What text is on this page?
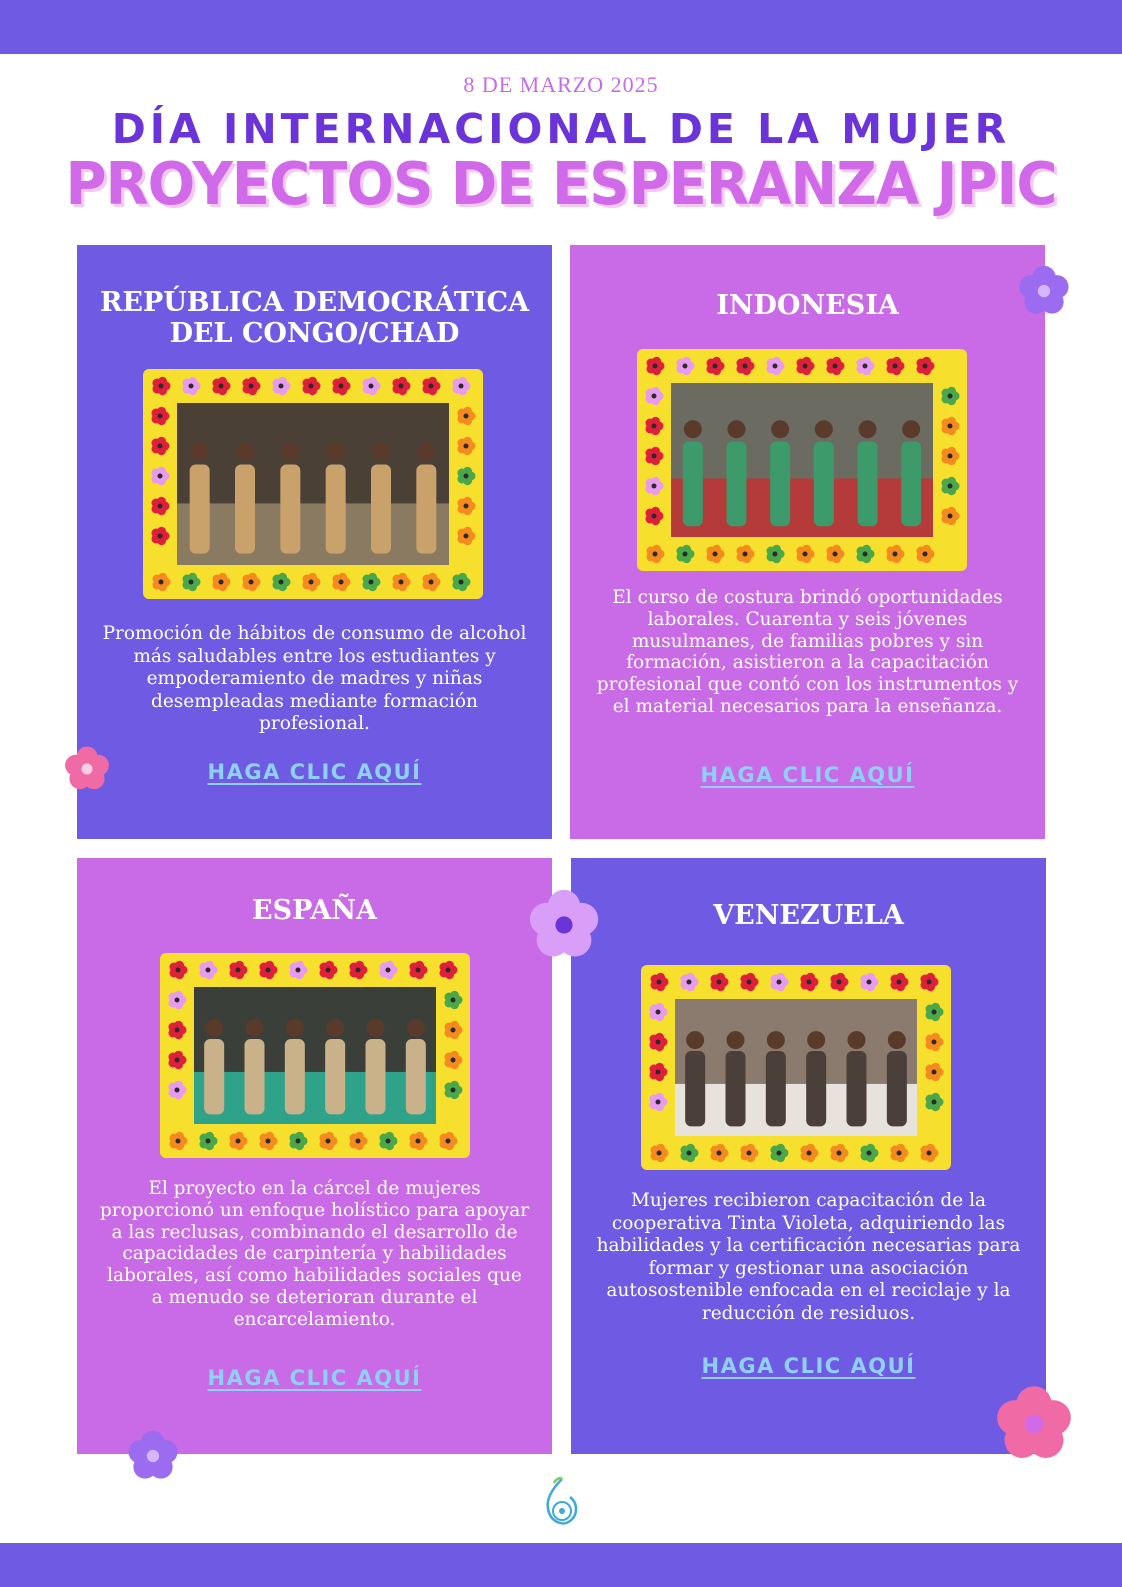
8 DE MARZO 2025
DÍA INTERNACIONAL DE LA MUJER
PROYECTOS DE ESPERANZA JPIC
REPÚBLICA DEMOCRÁTICA
DEL CONGO/CHAD
Promoción de hábitos de consumo de alcohol más saludables entre los estudiantes y empoderamiento de madres y niñas desempleadas mediante formación profesional.
HAGA CLIC AQUÍ
INDONESIA
El curso de costura brindó oportunidades laborales. Cuarenta y seis jóvenes musulmanes, de familias pobres y sin formación, asistieron a la capacitación profesional que contó con los instrumentos y el material necesarios para la enseñanza.
HAGA CLIC AQUÍ
ESPAÑA
El proyecto en la cárcel de mujeres proporcionó un enfoque holístico para apoyar a las reclusas, combinando el desarrollo de capacidades de carpintería y habilidades laborales, así como habilidades sociales que a menudo se deterioran durante el encarcelamiento.
HAGA CLIC AQUÍ
VENEZUELA
Mujeres recibieron capacitación de la cooperativa Tinta Violeta, adquiriendo las habilidades y la certificación necesarias para formar y gestionar una asociación autosostenible enfocada en el reciclaje y la reducción de residuos.
HAGA CLIC AQUÍ
